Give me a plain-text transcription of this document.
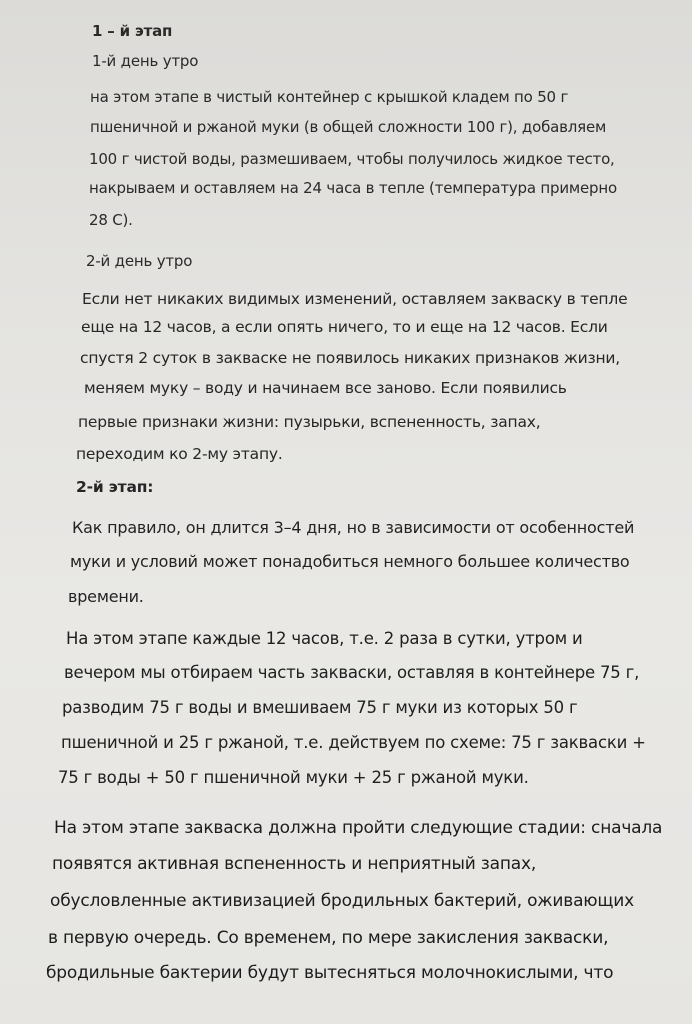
1 – й этап
1-й день утро
на этом этапе в чистый контейнер с крышкой кладем по 50 г
пшеничной и ржаной муки (в общей сложности 100 г), добавляем
100 г чистой воды, размешиваем, чтобы получилось жидкое тесто,
накрываем и оставляем на 24 часа в тепле (температура примерно
28 С).
2-й день утро
Если нет никаких видимых изменений, оставляем закваску в тепле
еще на 12 часов, а если опять ничего, то и еще на 12 часов. Если
спустя 2 суток в закваске не появилось никаких признаков жизни,
меняем муку – воду и начинаем все заново. Если появились
первые признаки жизни: пузырьки, вспененность, запах,
переходим ко 2-му этапу.
2-й этап:
Как правило, он длится 3–4 дня, но в зависимости от особенностей
муки и условий может понадобиться немного большее количество
времени.
На этом этапе каждые 12 часов, т.е. 2 раза в сутки, утром и
вечером мы отбираем часть закваски, оставляя в контейнере 75 г,
разводим 75 г воды и вмешиваем 75 г муки из которых 50 г
пшеничной и 25 г ржаной, т.е. действуем по схеме: 75 г закваски +
75 г воды + 50 г пшеничной муки + 25 г ржаной муки.
На этом этапе закваска должна пройти следующие стадии: сначала
появятся активная вспененность и неприятный запах,
обусловленные активизацией бродильных бактерий, оживающих
в первую очередь. Со временем, по мере закисления закваски,
бродильные бактерии будут вытесняться молочнокислыми, что
